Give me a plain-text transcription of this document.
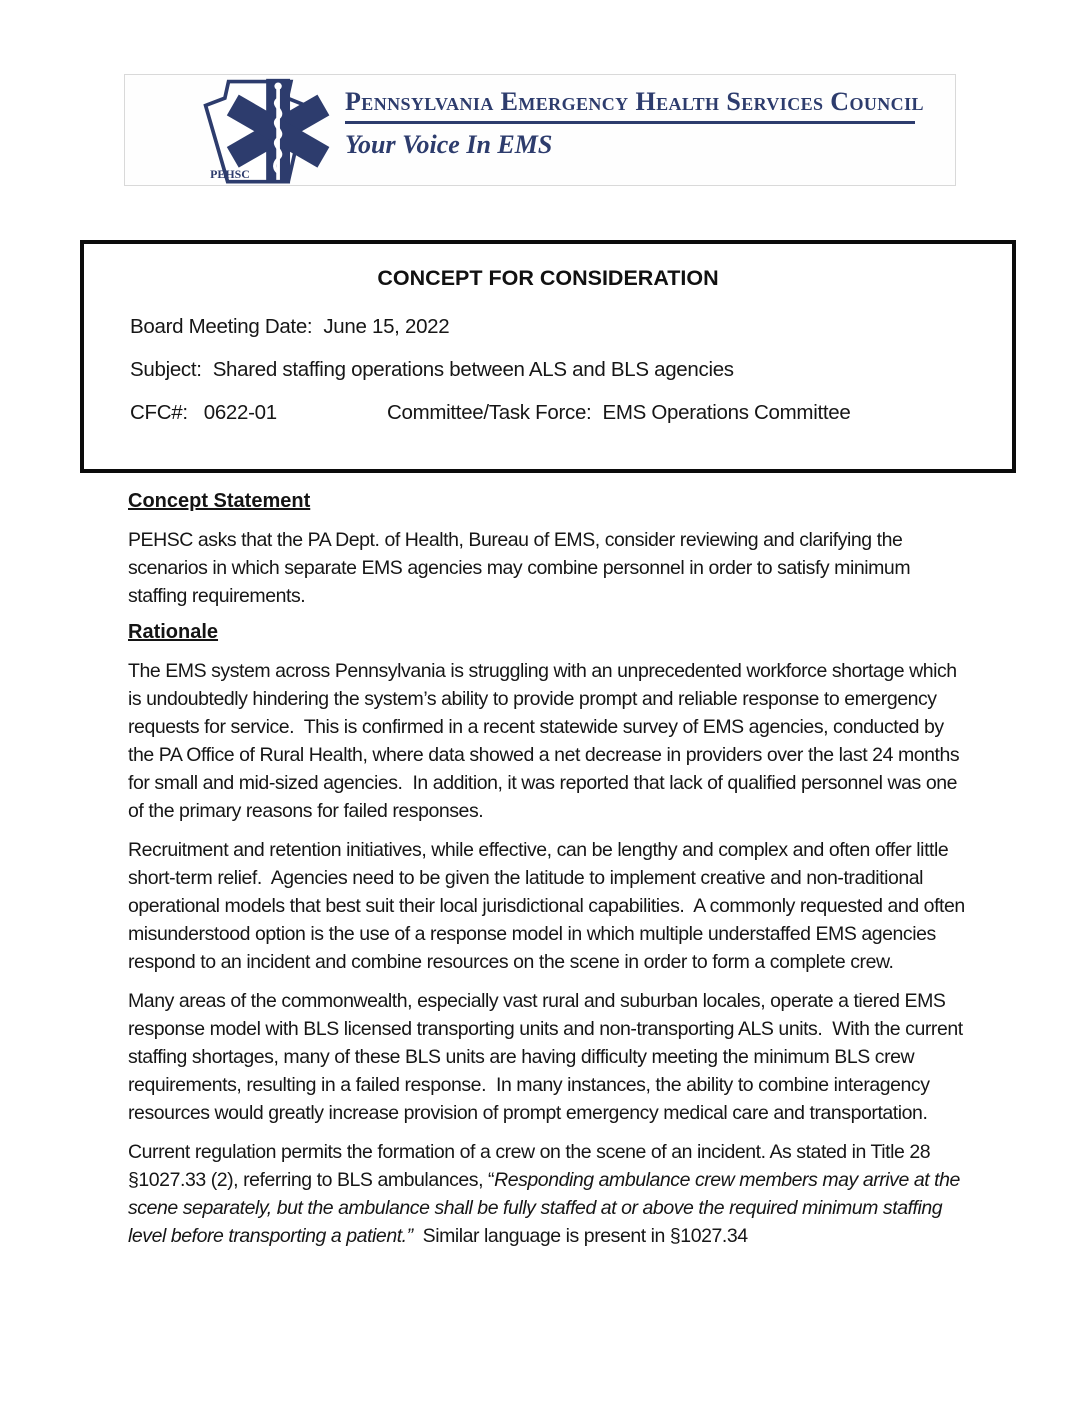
PEHSC
Pennsylvania Emergency Health Services Council
Your Voice In EMS
CONCEPT FOR CONSIDERATION
Board Meeting Date: June 15, 2022
Subject: Shared staffing operations between ALS and BLS agencies
CFC#: 0622-01	Committee/Task Force: EMS Operations Committee
Concept Statement

PEHSC asks that the PA Dept. of Health, Bureau of EMS, consider reviewing and clarifying the scenarios in which separate EMS agencies may combine personnel in order to satisfy minimum staffing requirements.

Rationale

The EMS system across Pennsylvania is struggling with an unprecedented workforce shortage which is undoubtedly hindering the system’s ability to provide prompt and reliable response to emergency requests for service.  This is confirmed in a recent statewide survey of EMS agencies, conducted by the PA Office of Rural Health, where data showed a net decrease in providers over the last 24 months for small and mid-sized agencies.  In addition, it was reported that lack of qualified personnel was one of the primary reasons for failed responses.

Recruitment and retention initiatives, while effective, can be lengthy and complex and often offer little short-term relief.  Agencies need to be given the latitude to implement creative and non-traditional operational models that best suit their local jurisdictional capabilities.  A commonly requested and often misunderstood option is the use of a response model in which multiple understaffed EMS agencies respond to an incident and combine resources on the scene in order to form a complete crew.

Many areas of the commonwealth, especially vast rural and suburban locales, operate a tiered EMS response model with BLS licensed transporting units and non-transporting ALS units.  With the current staffing shortages, many of these BLS units are having difficulty meeting the minimum BLS crew requirements, resulting in a failed response.  In many instances, the ability to combine interagency resources would greatly increase provision of prompt emergency medical care and transportation.

Current regulation permits the formation of a crew on the scene of an incident. As stated in Title 28 §1027.33 (2), referring to BLS ambulances, “Responding ambulance crew members may arrive at the scene separately, but the ambulance shall be fully staffed at or above the required minimum staffing level before transporting a patient.”  Similar language is present in §1027.34
